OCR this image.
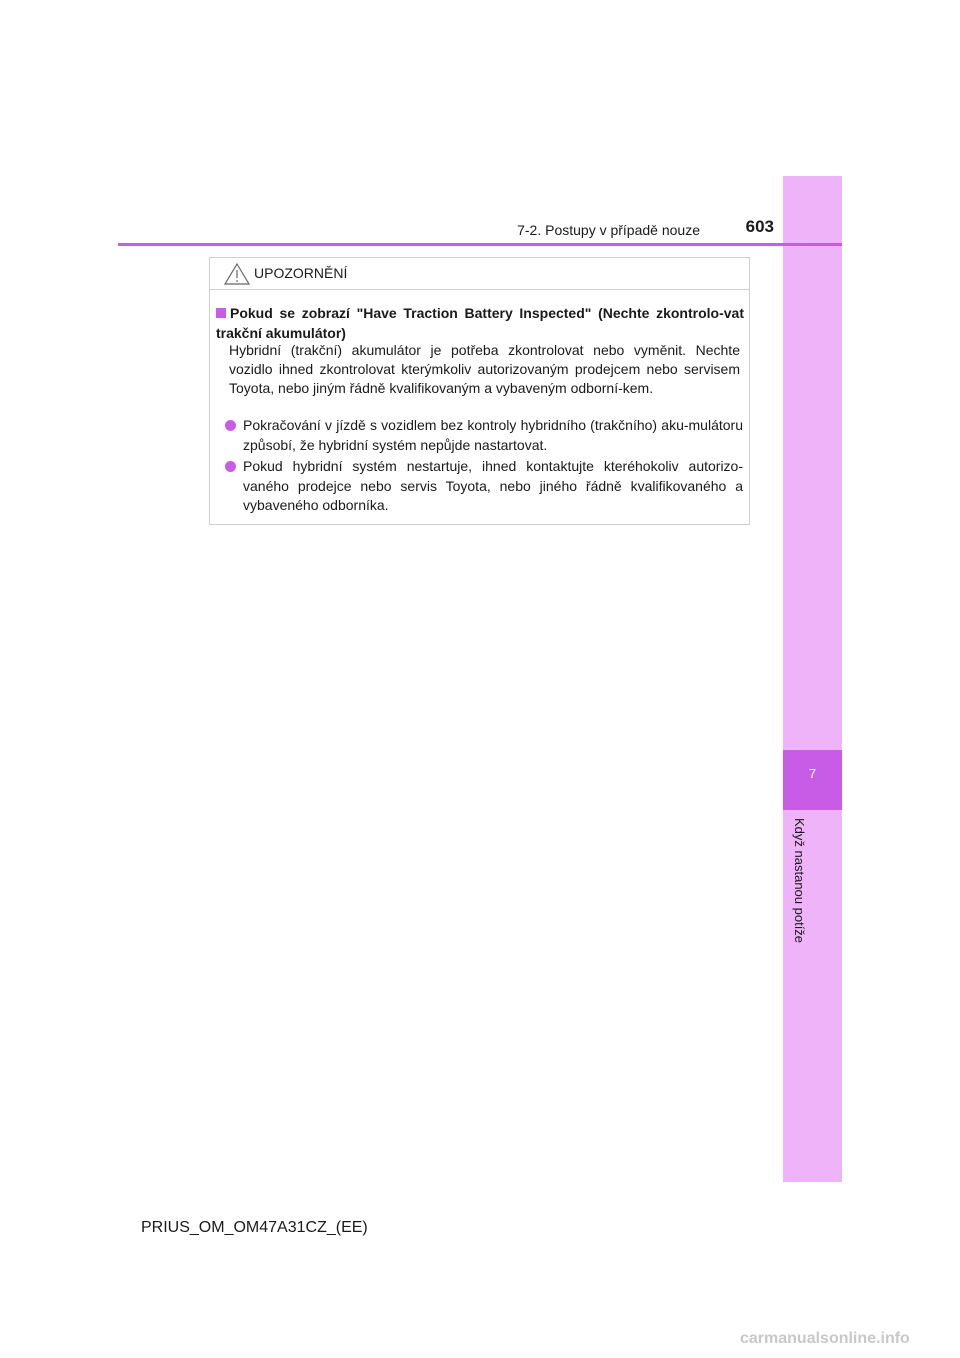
7
Když nastanou potíže
7-2. Postupy v případě nouze	603
UPOZORNĚNÍ
Pokud se zobrazí "Have Traction Battery Inspected" (Nechte zkontrolo-vat trakční akumulátor)
Hybridní (trakční) akumulátor je potřeba zkontrolovat nebo vyměnit. Nechte vozidlo ihned zkontrolovat kterýmkoliv autorizovaným prodejcem nebo servisem Toyota, nebo jiným řádně kvalifikovaným a vybaveným odborní-kem.
Pokračování v jízdě s vozidlem bez kontroly hybridního (trakčního) aku-mulátoru způsobí, že hybridní systém nepůjde nastartovat.
Pokud hybridní systém nestartuje, ihned kontaktujte kteréhokoliv autorizo-vaného prodejce nebo servis Toyota, nebo jiného řádně kvalifikovaného a vybaveného odborníka.
PRIUS_OM_OM47A31CZ_(EE)
carmanualsonline.info
